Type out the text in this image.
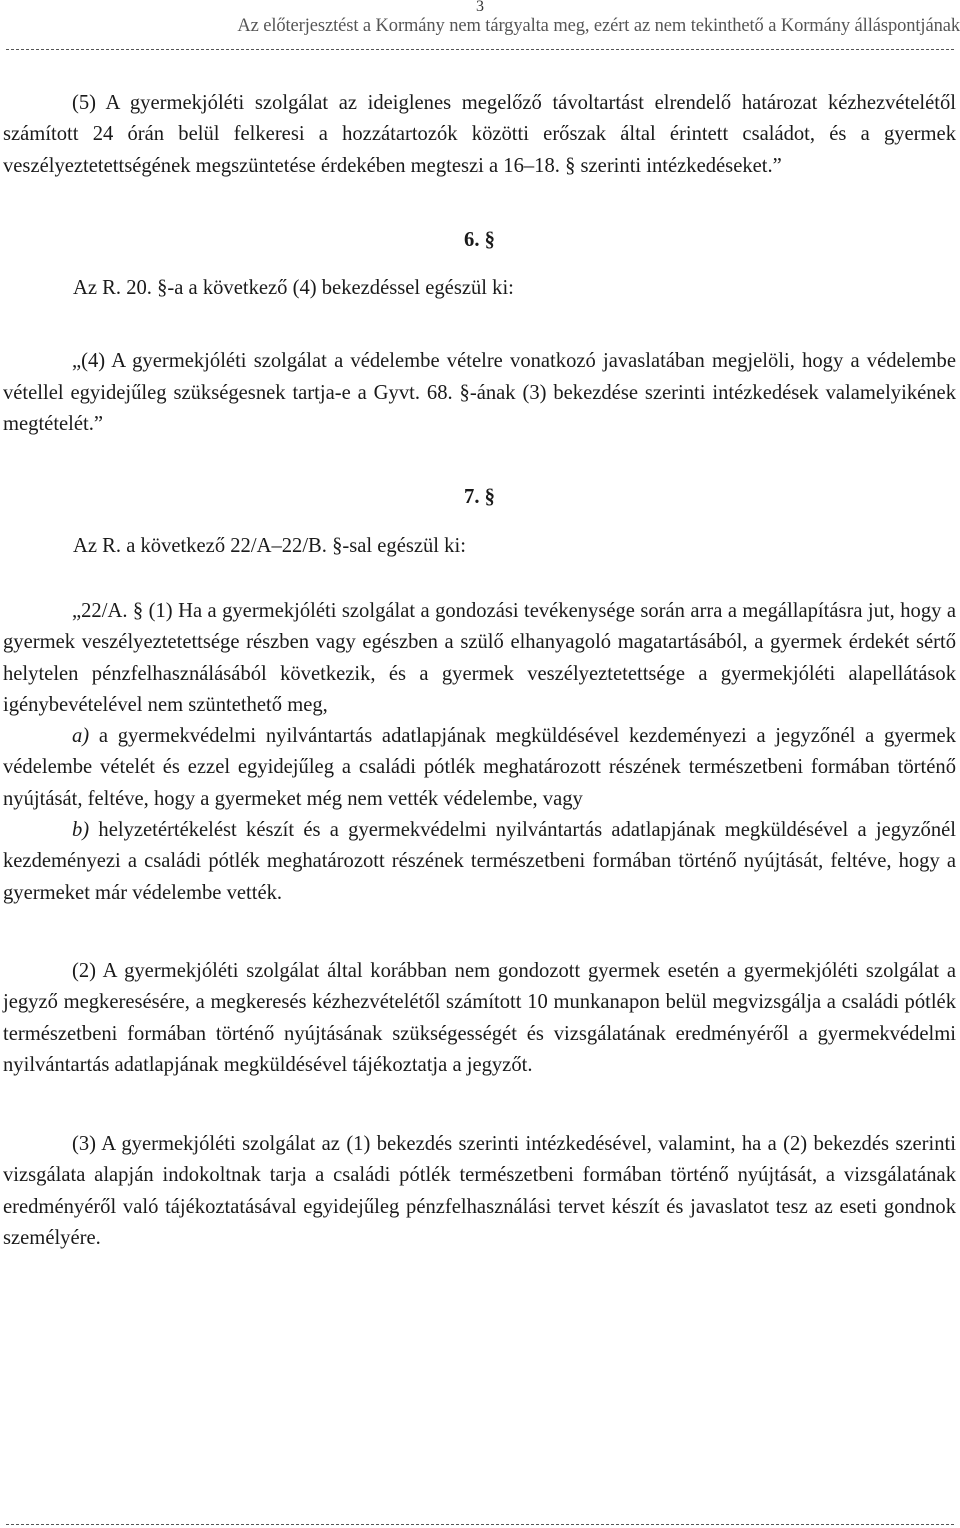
3
Az előterjesztést a Kormány nem tárgyalta meg, ezért az nem tekinthető a Kormány álláspontjának

(5) A gyermekjóléti szolgálat az ideiglenes megelőző távoltartást elrendelő határozat kézhezvételétől számított 24 órán belül felkeresi a hozzátartozók közötti erőszak által érintett családot, és a gyermek veszélyeztetettségének megszüntetése érdekében megteszi a 16–18. § szerinti intézkedéseket.”

6. §

Az R. 20. §-a a következő (4) bekezdéssel egészül ki:

„(4) A gyermekjóléti szolgálat a védelembe vételre vonatkozó javaslatában megjelöli, hogy a védelembe vétellel egyidejűleg szükségesnek tartja-e a Gyvt. 68. §-ának (3) bekezdése szerinti intézkedések valamelyikének megtételét.”

7. §

Az R. a következő 22/A–22/B. §-sal egészül ki:

„22/A. § (1) Ha a gyermekjóléti szolgálat a gondozási tevékenysége során arra a megállapításra jut, hogy a gyermek veszélyeztetettsége részben vagy egészben a szülő elhanyagoló magatartásából, a gyermek érdekét sértő helytelen pénzfelhasználásából következik, és a gyermek veszélyeztetettsége a gyermekjóléti alapellátások igénybevételével nem szüntethető meg,

a) a gyermekvédelmi nyilvántartás adatlapjának megküldésével kezdeményezi a jegyzőnél a gyermek védelembe vételét és ezzel egyidejűleg a családi pótlék meghatározott részének természetbeni formában történő nyújtását, feltéve, hogy a gyermeket még nem vették védelembe, vagy

b) helyzetértékelést készít és a gyermekvédelmi nyilvántartás adatlapjának megküldésével a jegyzőnél kezdeményezi a családi pótlék meghatározott részének természetbeni formában történő nyújtását, feltéve, hogy a gyermeket már védelembe vették.

(2) A gyermekjóléti szolgálat által korábban nem gondozott gyermek esetén a gyermekjóléti szolgálat a jegyző megkeresésére, a megkeresés kézhezvételétől számított 10 munkanapon belül megvizsgálja a családi pótlék természetbeni formában történő nyújtásának szükségességét és vizsgálatának eredményéről a gyermekvédelmi nyilvántartás adatlapjának megküldésével tájékoztatja a jegyzőt.

(3) A gyermekjóléti szolgálat az (1) bekezdés szerinti intézkedésével, valamint, ha a (2) bekezdés szerinti vizsgálata alapján indokoltnak tarja a családi pótlék természetbeni formában történő nyújtását, a vizsgálatának eredményéről való tájékoztatásával egyidejűleg pénzfelhasználási tervet készít és javaslatot tesz az eseti gondnok személyére.
